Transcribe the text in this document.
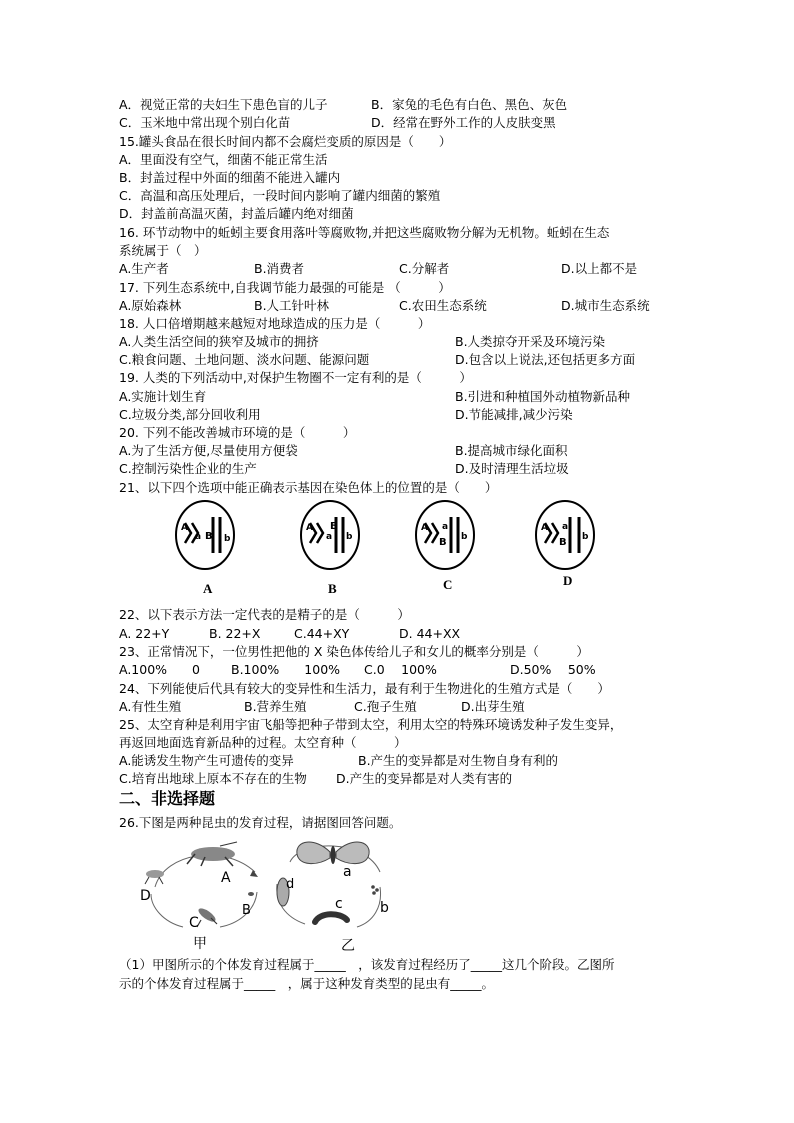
A．视觉正常的夫妇生下患色盲的儿子	B．家兔的毛色有白色、黑色、灰色
C．玉米地中常出现个别白化苗	D．经常在野外工作的人皮肤变黑
15.罐头食品在很长时间内都不会腐烂变质的原因是（　　）
A．里面没有空气，细菌不能正常生活
B．封盖过程中外面的细菌不能进入罐内
C．高温和高压处理后，一段时间内影响了罐内细菌的繁殖
D．封盖前高温灭菌，封盖后罐内绝对细菌
16. 环节动物中的蚯蚓主要食用落叶等腐败物,并把这些腐败物分解为无机物。蚯蚓在生态
系统属于（　）
A.生产者	B.消费者	C.分解者	D.以上都不是
17. 下列生态系统中,自我调节能力最强的可能是 （　　　）
A.原始森林	B.人工针叶林	C.农田生态系统	D.城市生态系统
18. 人口倍增期越来越短对地球造成的压力是（　　　）
A.人类生活空间的狭窄及城市的拥挤	B.人类掠夺开采及环境污染
C.粮食问题、土地问题、淡水问题、能源问题	D.包含以上说法,还包括更多方面
19. 人类的下列活动中,对保护生物圈不一定有利的是（　　　）
A.实施计划生育	B.引进和种植国外动植物新品种
C.垃圾分类,部分回收利用	D.节能减排,减少污染
20. 下列不能改善城市环境的是（　　　）
A.为了生活方便,尽量使用方便袋	B.提高城市绿化面积
C.控制污染性企业的生产	D.及时清理生活垃圾
21、以下四个选项中能正确表示基因在染色体上的位置的是（　　）
22、以下表示方法一定代表的是精子的是（　　　）
A. 22+Y	B. 22+X	C.44+XY	D. 44+XX
23、正常情况下，一位男性把他的 X 染色体传给儿子和女儿的概率分别是（　　　）
A.100%　　0 B.100%　　100% C.0　 100%	D.50%　 50%
24、下列能使后代具有较大的变异性和生活力，最有利于生物进化的生殖方式是（　　）
A.有性生殖	B.营养生殖	C.孢子生殖	D.出芽生殖
25、太空育种是利用宇宙飞船等把种子带到太空，利用太空的特殊环境诱发种子发生变异，
再返回地面选育新品种的过程。太空育种（　　　）
A.能诱发生物产生可遗传的变异	B.产生的变异都是对生物自身有利的
C.培育出地球上原本不存在的生物 D.产生的变异都是对人类有害的
26.下图是两种昆虫的发育过程，请据图回答问题。
（1）甲图所示的个体发育过程属于_____　，该发育过程经历了_____这几个阶段。乙图所
示的个体发育过程属于_____　，属于这种发育类型的昆虫有_____。
二、非选择题
A
a B b
A
A
a
B
b
B
A a
B b
C
A a
B b
D
A
B
C
D
甲
a
b
c
d
乙
